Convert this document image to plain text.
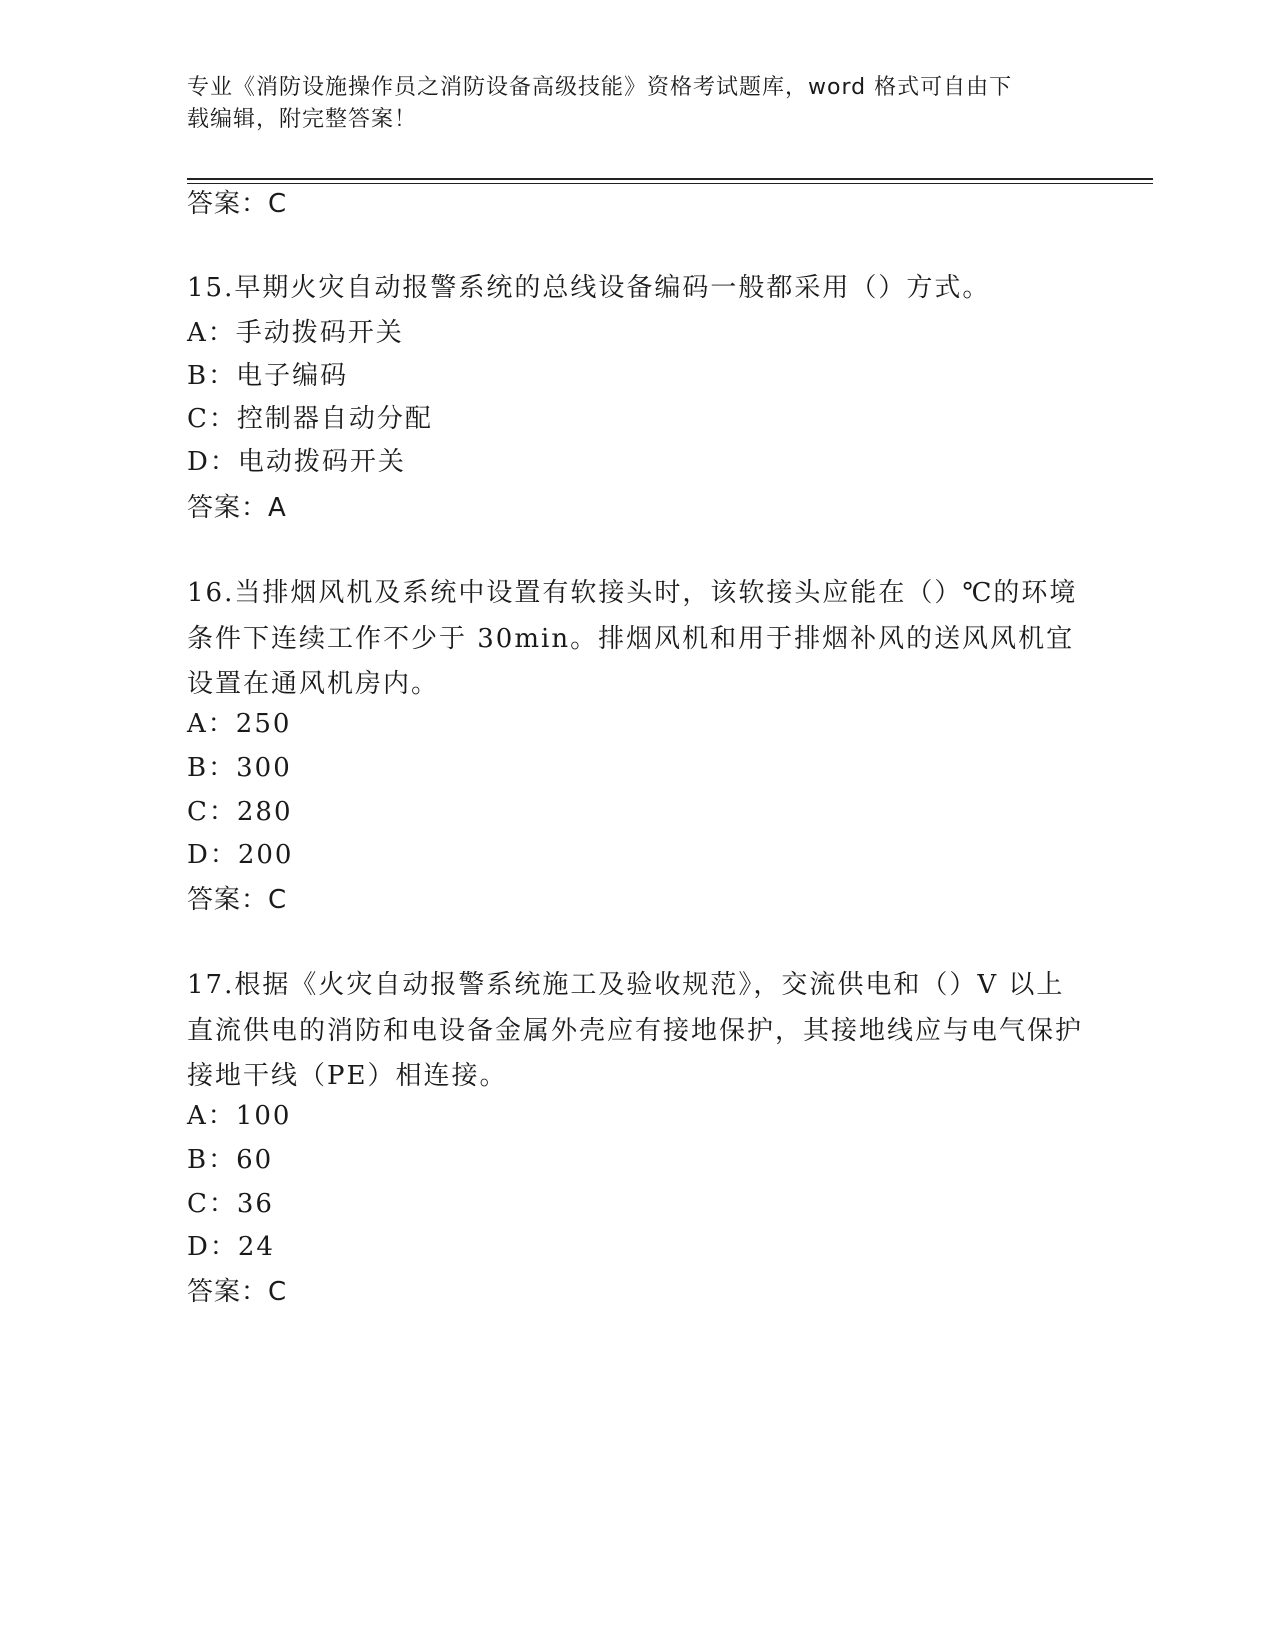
专业《消防设施操作员之消防设备高级技能》资格考试题库，word 格式可自由下
载编辑，附完整答案！
答案：C
15.早期火灾自动报警系统的总线设备编码一般都采用（）方式。
A：手动拨码开关
B：电子编码
C：控制器自动分配
D：电动拨码开关
答案：A
16.当排烟风机及系统中设置有软接头时，该软接头应能在（）℃的环境条件下连续工作不少于 30min。排烟风机和用于排烟补风的送风风机宜设置在通风机房内。
A：250
B：300
C：280
D：200
答案：C
17.根据《火灾自动报警系统施工及验收规范》，交流供电和（）V 以上直流供电的消防和电设备金属外壳应有接地保护，其接地线应与电气保护接地干线（PE）相连接。
A：100
B：60
C：36
D：24
答案：C
